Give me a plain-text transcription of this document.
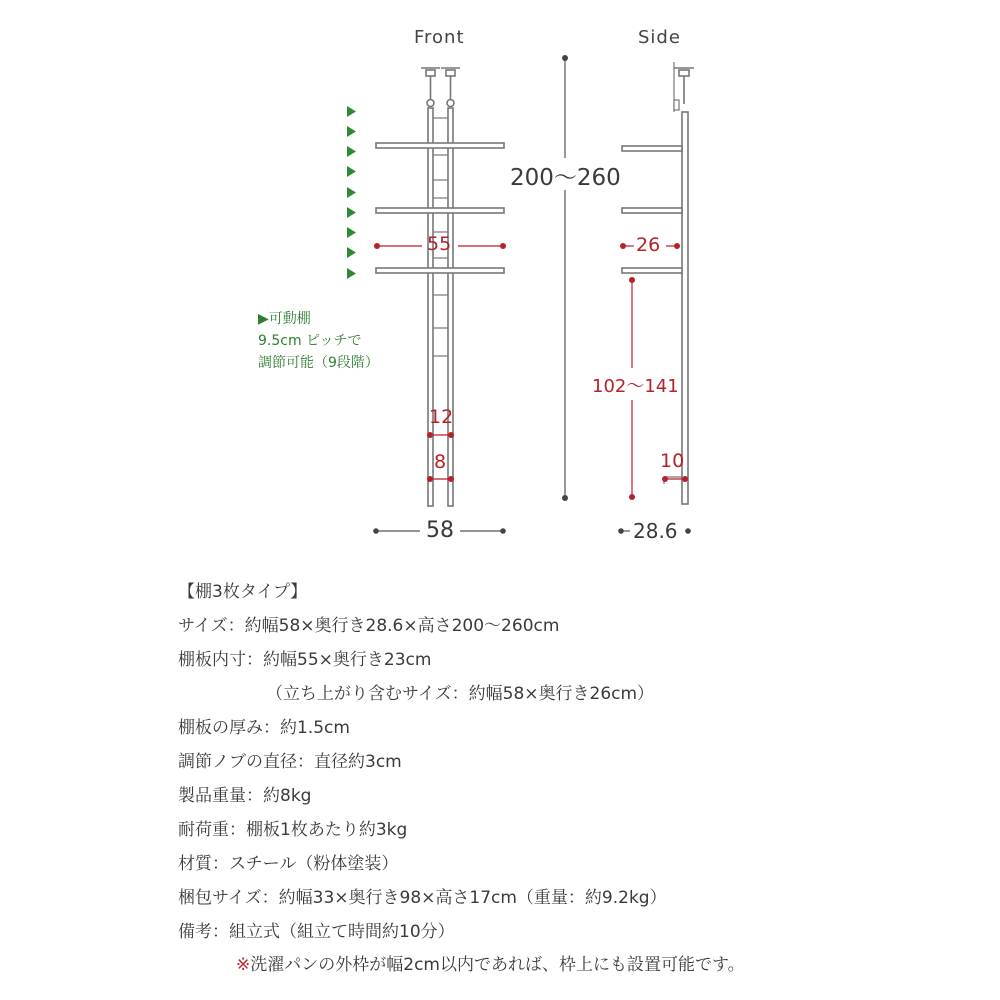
Front	Side
200〜260
55
58
12
8
26
28.6
102〜141
10
▶可動棚
9.5cm ピッチで
調節可能（9段階）
【棚3枚タイプ】
サイズ：約幅58×奥行き28.6×高さ200〜260cm
棚板内寸：約幅55×奥行き23cm
（立ち上がり含むサイズ：約幅58×奥行き26cm）
棚板の厚み：約1.5cm
調節ノブの直径：直径約3cm
製品重量：約8kg
耐荷重：棚板1枚あたり約3kg
材質：スチール（粉体塗装）
梱包サイズ：約幅33×奥行き98×高さ17cm（重量：約9.2kg）
備考：組立式（組立て時間約10分）
※洗濯パンの外枠が幅2cm以内であれば、枠上にも設置可能です。
